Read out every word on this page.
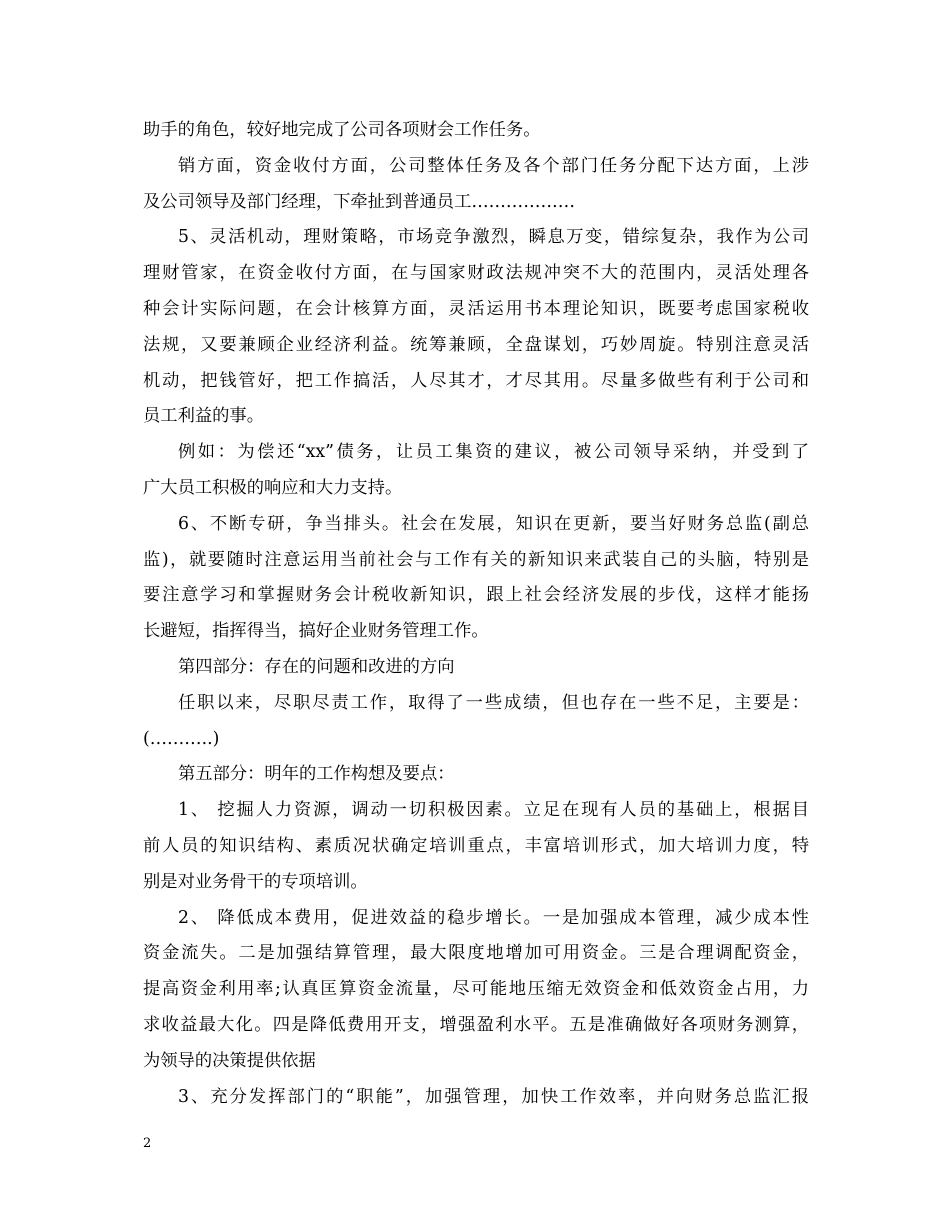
助手的角色，较好地完成了公司各项财会工作任务。
销方面，资金收付方面，公司整体任务及各个部门任务分配下达方面，上涉
及公司领导及部门经理，下牵扯到普通员工………………
5、灵活机动，理财策略，市场竞争激烈，瞬息万变，错综复杂，我作为公司
理财管家，在资金收付方面，在与国家财政法规冲突不大的范围内，灵活处理各
种会计实际问题，在会计核算方面，灵活运用书本理论知识，既要考虑国家税收
法规，又要兼顾企业经济利益。统筹兼顾，全盘谋划，巧妙周旋。特别注意灵活
机动，把钱管好，把工作搞活，人尽其才，才尽其用。尽量多做些有利于公司和
员工利益的事。
例如：为偿还“xx”债务，让员工集资的建议，被公司领导采纳，并受到了
广大员工积极的响应和大力支持。
6、不断专研，争当排头。社会在发展，知识在更新，要当好财务总监(副总
监)，就要随时注意运用当前社会与工作有关的新知识来武装自己的头脑，特别是
要注意学习和掌握财务会计税收新知识，跟上社会经济发展的步伐，这样才能扬
长避短，指挥得当，搞好企业财务管理工作。
第四部分：存在的问题和改进的方向
任职以来，尽职尽责工作，取得了一些成绩，但也存在一些不足，主要是：
(………..)
第五部分：明年的工作构想及要点：
1、 挖掘人力资源，调动一切积极因素。立足在现有人员的基础上，根据目
前人员的知识结构、素质况状确定培训重点，丰富培训形式，加大培训力度，特
别是对业务骨干的专项培训。
2、 降低成本费用，促进效益的稳步增长。一是加强成本管理，减少成本性
资金流失。二是加强结算管理，最大限度地增加可用资金。三是合理调配资金，
提高资金利用率;认真匡算资金流量，尽可能地压缩无效资金和低效资金占用，力
求收益最大化。四是降低费用开支，增强盈利水平。五是准确做好各项财务测算，
为领导的决策提供依据
3、充分发挥部门的“职能”，加强管理，加快工作效率，并向财务总监汇报
2
